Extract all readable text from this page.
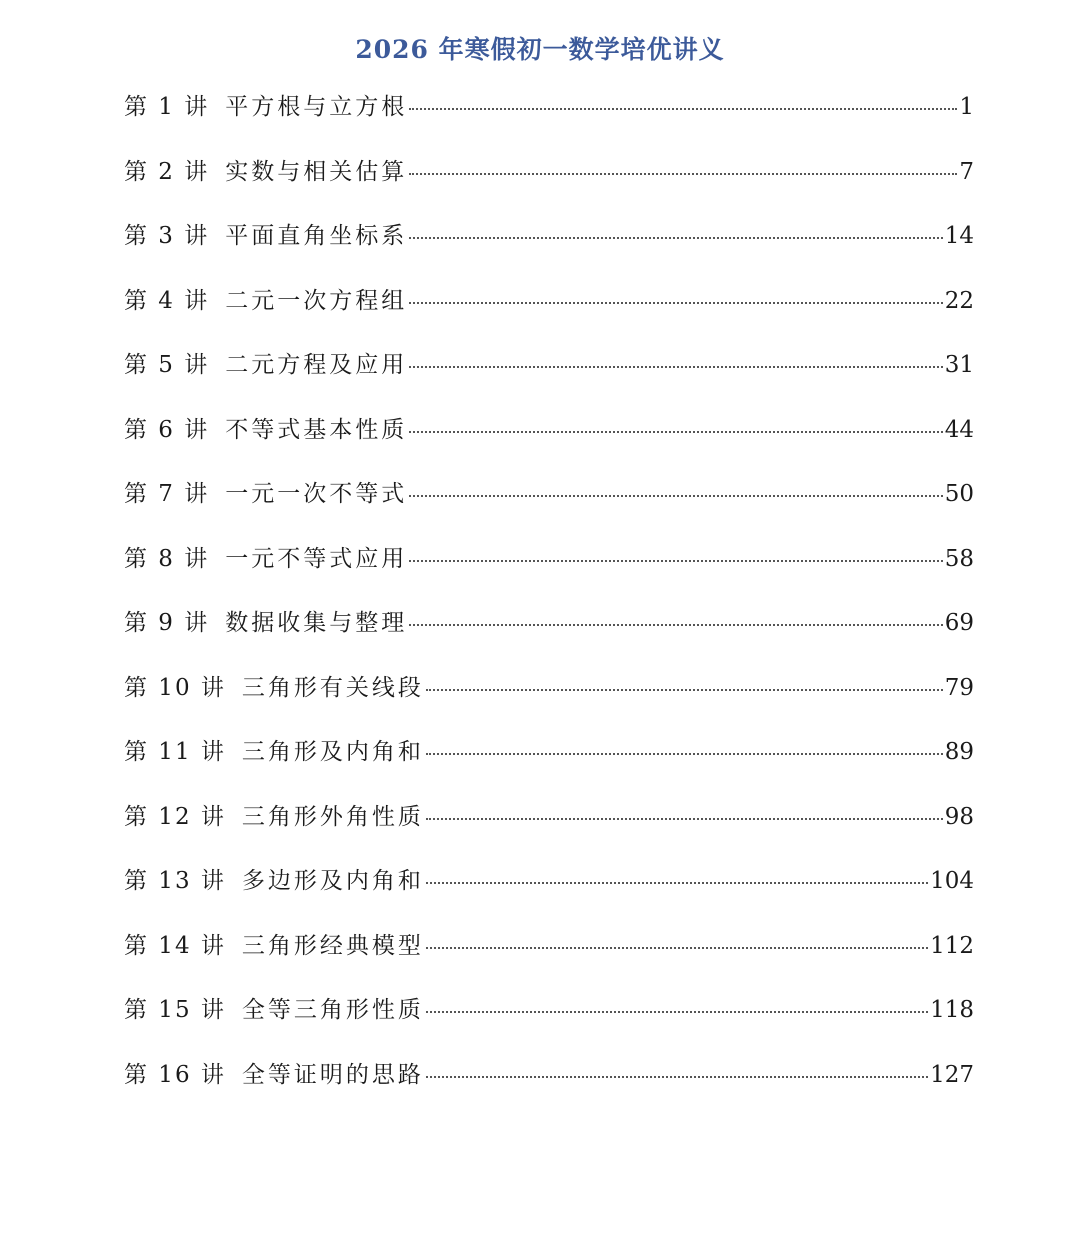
2026 年寒假初一数学培优讲义
第 1 讲 平方根与立方根	1
第 2 讲 实数与相关估算	7
第 3 讲 平面直角坐标系	14
第 4 讲 二元一次方程组	22
第 5 讲 二元方程及应用	31
第 6 讲 不等式基本性质	44
第 7 讲 一元一次不等式	50
第 8 讲 一元不等式应用	58
第 9 讲 数据收集与整理	69
第 10 讲 三角形有关线段	79
第 11 讲 三角形及内角和	89
第 12 讲 三角形外角性质	98
第 13 讲 多边形及内角和	104
第 14 讲 三角形经典模型	112
第 15 讲 全等三角形性质	118
第 16 讲 全等证明的思路	127
